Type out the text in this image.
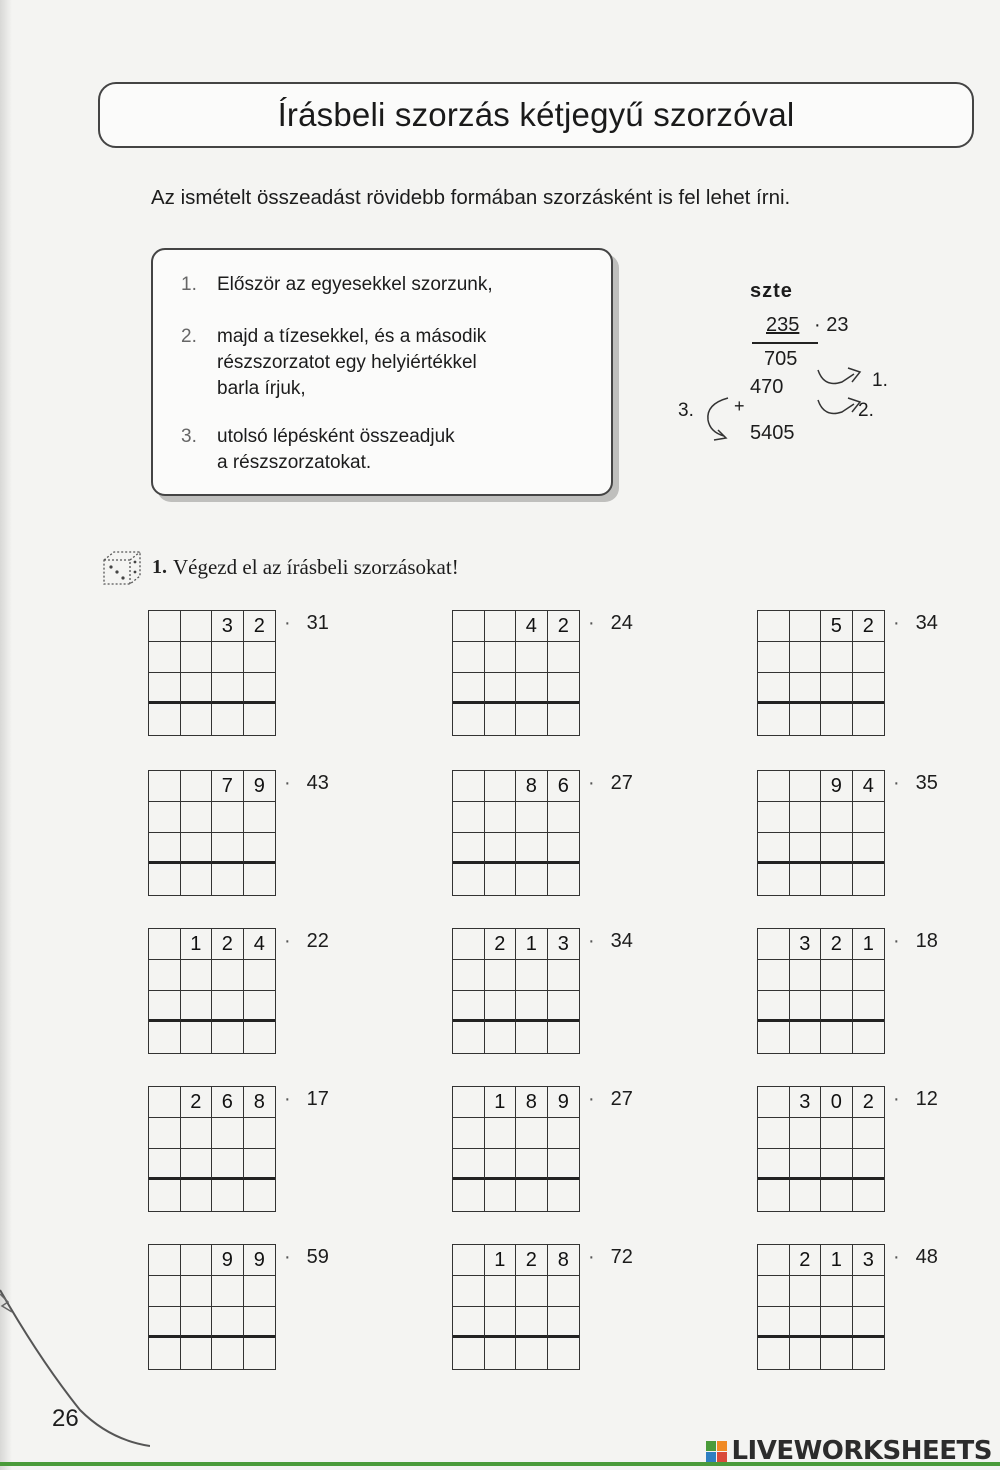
Írásbeli szorzás kétjegyű szorzóval
Az ismételt összeadást rövidebb formában szorzásként is fel lehet írni.
1.	Először az egyesekkel szorzunk,
2.	majd a tízesekkel, és a második
részszorzatot egy helyiértékkel
barla írjuk,
3.	utolsó lépésként összeadjuk
a részszorzatokat.
szte
235 · 23
705
470
+
5405
1.
2.
3.
1. Végezd el az írásbeli szorzásokat!
3	2 · 31	4	2 · 24	5	2 · 34
7	9 · 43	8	6 · 27	9	4 · 35
1	2	4 · 22	2	1	3 · 34	3	2	1 · 18
2	6	8 · 17	1	8	9 · 27	3	0	2 · 12
9	9 · 59	1	2	8 · 72	2	1	3 · 48
26
LIVEWORKSHEETS
